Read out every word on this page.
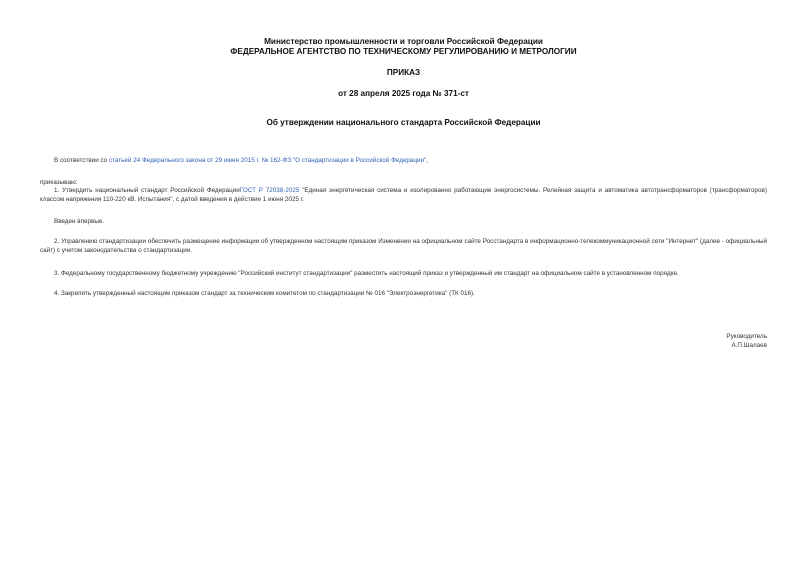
Министерство промышленности и торговли Российской Федерации
ФЕДЕРАЛЬНОЕ АГЕНТСТВО ПО ТЕХНИЧЕСКОМУ РЕГУЛИРОВАНИЮ И МЕТРОЛОГИИ
ПРИКАЗ
от 28 апреля 2025 года № 371-ст
Об утверждении национального стандарта Российской Федерации
В соответствии со статьей 24 Федерального закона от 29 июня 2015 г. № 162-ФЗ "О стандартизации в Российской Федерации",
приказываю:
1. Утвердить национальный стандарт Российской ФедерацииГОСТ Р 72038-2025 "Единая энергетическая система и изолированно работающие энергосистемы. Релейная защита и автоматика автотрансформаторов (трансформаторов) классом напряжения 110-220 кВ. Испытания", с датой введения в действие 1 июня 2025 г.
Введен впервые.
2. Управлению стандартизации обеспечить размещение информации об утвержденном настоящим приказом Изменении на официальном сайте Росстандарта в информационно-телекоммуникационной сети "Интернет" (далее - официальный сайт) с учетом законодательства о стандартизации.
3. Федеральному государственному бюджетному учреждению "Российский институт стандартизации" разместить настоящий приказ и утвержденный им стандарт на официальном сайте в установленном порядке.
4. Закрепить утвержденный настоящим приказом стандарт за техническим комитетом по стандартизации № 016 "Электроэнергетика" (ТК 016).
Руководитель
А.П.Шалаев
